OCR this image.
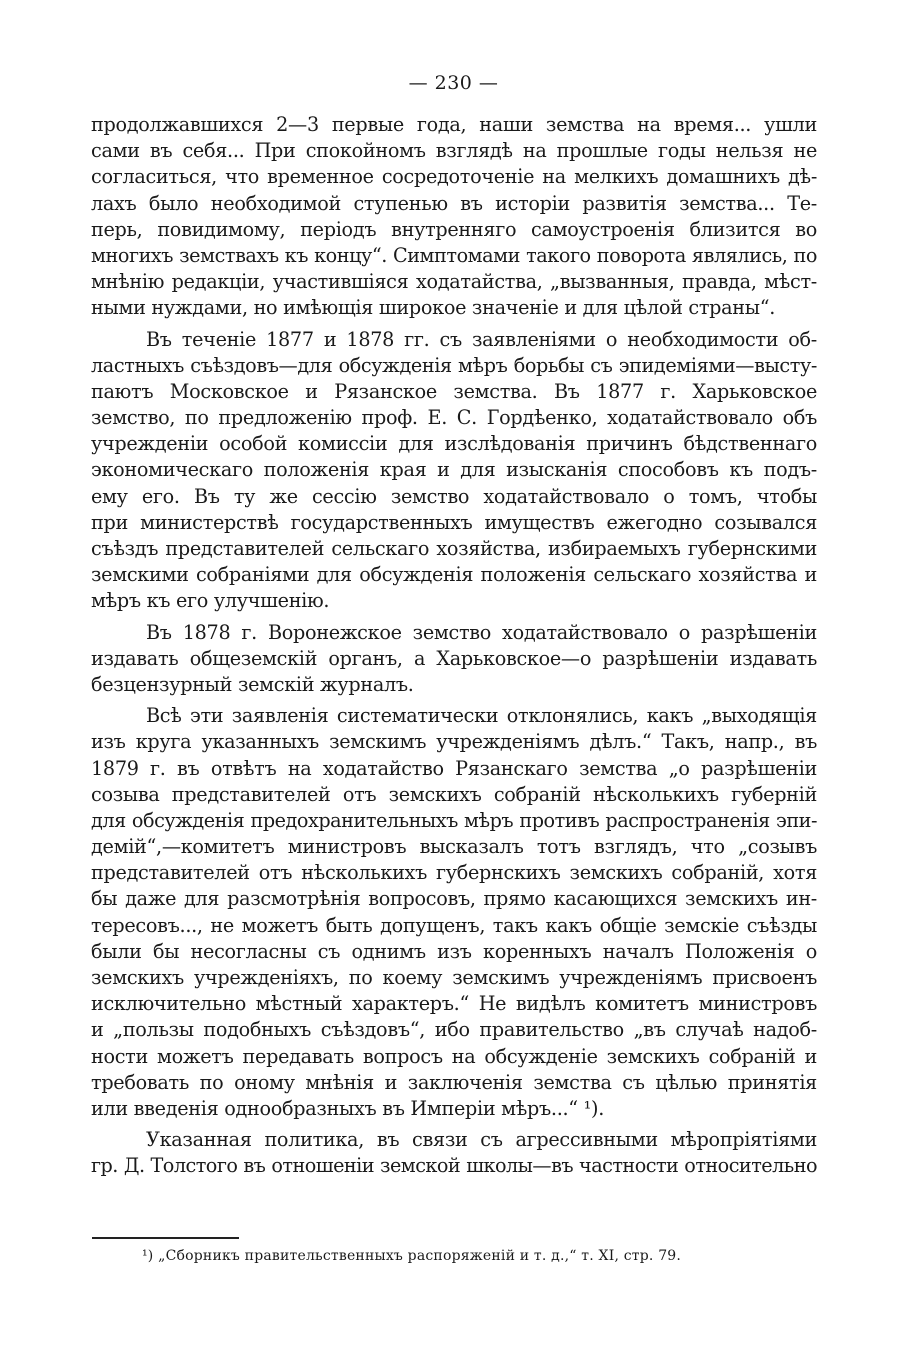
— 230 —

продолжавшихся 2—3 первые года, наши земства на время... ушли
сами въ себя... При спокойномъ взглядѣ на прошлые годы нельзя не
согласиться, что временное сосредоточеніе на мелкихъ домашнихъ дѣ-
лахъ было необходимой ступенью въ исторіи развитія земства... Те-
перь, повидимому, періодъ внутренняго самоустроенія близится во
многихъ земствахъ къ концу“. Симптомами такого поворота являлись, по
мнѣнію редакціи, участившіяся ходатайства, „вызванныя, правда, мѣст-
ными нуждами, но имѣющія широкое значеніе и для цѣлой страны“.

Въ теченіе 1877 и 1878 гг. съ заявленіями о необходимости об-
ластныхъ съѣздовъ—для обсужденія мѣръ борьбы съ эпидеміями—высту-
паютъ Московское и Рязанское земства. Въ 1877 г. Харьковское
земство, по предложенію проф. Е. С. Гордѣенко, ходатайствовало объ
учрежденіи особой комиссіи для изслѣдованія причинъ бѣдственнаго
экономическаго положенія края и для изысканія способовъ къ подъ-
ему его. Въ ту же сессію земство ходатайствовало о томъ, чтобы
при министерствѣ государственныхъ имуществъ ежегодно созывался
съѣздъ представителей сельскаго хозяйства, избираемыхъ губернскими
земскими собраніями для обсужденія положенія сельскаго хозяйства и
мѣръ къ его улучшенію.

Въ 1878 г. Воронежское земство ходатайствовало о разрѣшеніи
издавать общеземскій органъ, а Харьковское—о разрѣшеніи издавать
безцензурный земскій журналъ.

Всѣ эти заявленія систематически отклонялись, какъ „выходящія
изъ круга указанныхъ земскимъ учрежденіямъ дѣлъ.“ Такъ, напр., въ
1879 г. въ отвѣтъ на ходатайство Рязанскаго земства „о разрѣшеніи
созыва представителей отъ земскихъ собраній нѣсколькихъ губерній
для обсужденія предохранительныхъ мѣръ противъ распространенія эпи-
демій“,—комитетъ министровъ высказалъ тотъ взглядъ, что „созывъ
представителей отъ нѣсколькихъ губернскихъ земскихъ собраній, хотя
бы даже для разсмотрѣнія вопросовъ, прямо касающихся земскихъ ин-
тересовъ..., не можетъ быть допущенъ, такъ какъ общіе земскіе съѣзды
были бы несогласны съ однимъ изъ коренныхъ началъ Положенія о
земскихъ учрежденіяхъ, по коему земскимъ учрежденіямъ присвоенъ
исключительно мѣстный характеръ.“ Не видѣлъ комитетъ министровъ
и „пользы подобныхъ съѣздовъ“, ибо правительство „въ случаѣ надоб-
ности можетъ передавать вопросъ на обсужденіе земскихъ собраній и
требовать по оному мнѣнія и заключенія земства съ цѣлью принятія
или введенія однообразныхъ въ Имперіи мѣръ...“ ¹).

Указанная политика, въ связи съ агрессивными мѣропріятіями
гр. Д. Толстого въ отношеніи земской школы—въ частности относительно

¹) „Сборникъ правительственныхъ распоряженій и т. д.,“ т. XI, стр. 79.
